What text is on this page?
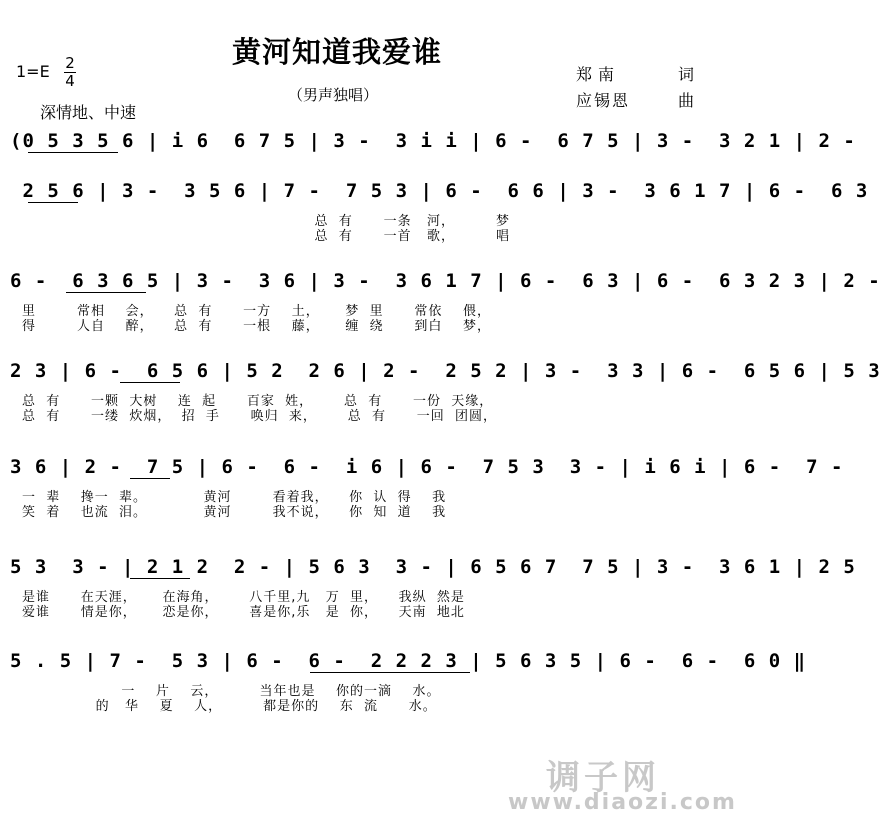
黄河知道我爱谁
（男声独唱）
1=E 2
4
深情地、中速
郑南	词
应锡恩	曲
(0 5 3 5 6 | i 6  6 7 5 | 3 -  3 i i | 6 -  6 7 5 | 3 -  3 2 1 | 2 -
2 5 6 | 3 -  3 5 6 | 7 -  7 5 3 | 6 -  6 6 | 3 -  3 6 1 7 | 6 -  6 3
总  有      一条   河，        梦
总  有      一首   歌，        唱
6 -  6 3 6 5 | 3 -  3 6 | 3 -  3 6 1 7 | 6 -  6 3 | 6 -  6 3 2 3 | 2 -
里        常相    会，    总  有      一方    土，     梦  里      常依    偎，
得        人自    醉，    总  有      一根    藤，     缠  绕      到白    梦，
2 3 | 6 -  6 5 6 | 5 2  2 6 | 2 -  2 5 2 | 3 -  3 3 | 6 -  6 5 6 | 5 3
总  有      一颗  大树    连  起      百家  姓，      总  有      一份  天缘，
总  有      一缕  炊烟，  招  手      唤归  来，      总  有      一回  团圆，
3 6 | 2 -  7 5 | 6 -  6 -  i 6 | 6 -  7 5 3  3 - | i 6 i | 6 -  7 -
一  辈    搀一  辈。           黄河        看着我，    你  认  得    我
笑  着    也流  泪。           黄河        我不说，    你  知  道    我
5 3  3 - | 2 1 2  2 - | 5 6 3  3 - | 6 5 6 7  7 5 | 3 -  3 6 1 | 2 5
是谁      在天涯，     在海角，      八千里,九   万  里，    我纵  然是
爱谁      情是你，     恋是你，      喜是你,乐   是  你，    天南  地北
5 . 5 | 7 -  5 3 | 6 -  6 -  2 2 2 3 | 5 6 3 5 | 6 -  6 -  6 0 ‖
一    片    云，        当年也是    你的一滴    水。
的   华    夏    人，        都是你的    东  流      水。
调子网
www.diaozi.com
